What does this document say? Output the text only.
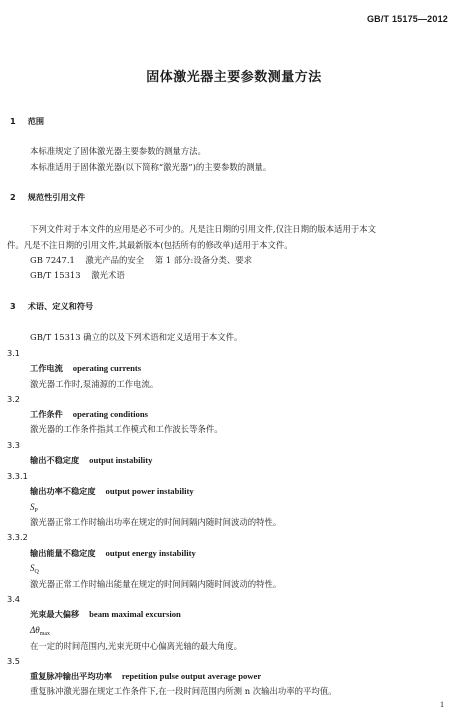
GB/T 15175—2012
固体激光器主要参数测量方法
1 范围
本标准规定了固体激光器主要参数的测量方法。
本标准适用于固体激光器(以下简称“激光器”)的主要参数的测量。
2 规范性引用文件
下列文件对于本文件的应用是必不可少的。凡是注日期的引用文件,仅注日期的版本适用于本文
件。凡是不注日期的引用文件,其最新版本(包括所有的修改单)适用于本文件。
GB 7247.1    激光产品的安全    第 1 部分:设备分类、要求
GB/T 15313    激光术语
3 术语、定义和符号
GB/T 15313 确立的以及下列术语和定义适用于本文件。
3.1
工作电流 operating currents
激光器工作时,泵浦源的工作电流。
3.2
工作条件 operating conditions
激光器的工作条件指其工作模式和工作波长等条件。
3.3
输出不稳定度 output instability
3.3.1
输出功率不稳定度 output power instability
$S_P$
激光器正常工作时输出功率在规定的时间间隔内随时间波动的特性。
3.3.2
输出能量不稳定度 output energy instability
$S_Q$
激光器正常工作时输出能量在规定的时间间隔内随时间波动的特性。
3.4
光束最大偏移 beam maximal excursion
$\Delta\theta_{max}$
在一定的时间范围内,光束光斑中心偏离光轴的最大角度。
3.5
重复脉冲输出平均功率 repetition pulse output average power
重复脉冲激光器在规定工作条件下,在一段时间范围内所测 n 次输出功率的平均值。
1
